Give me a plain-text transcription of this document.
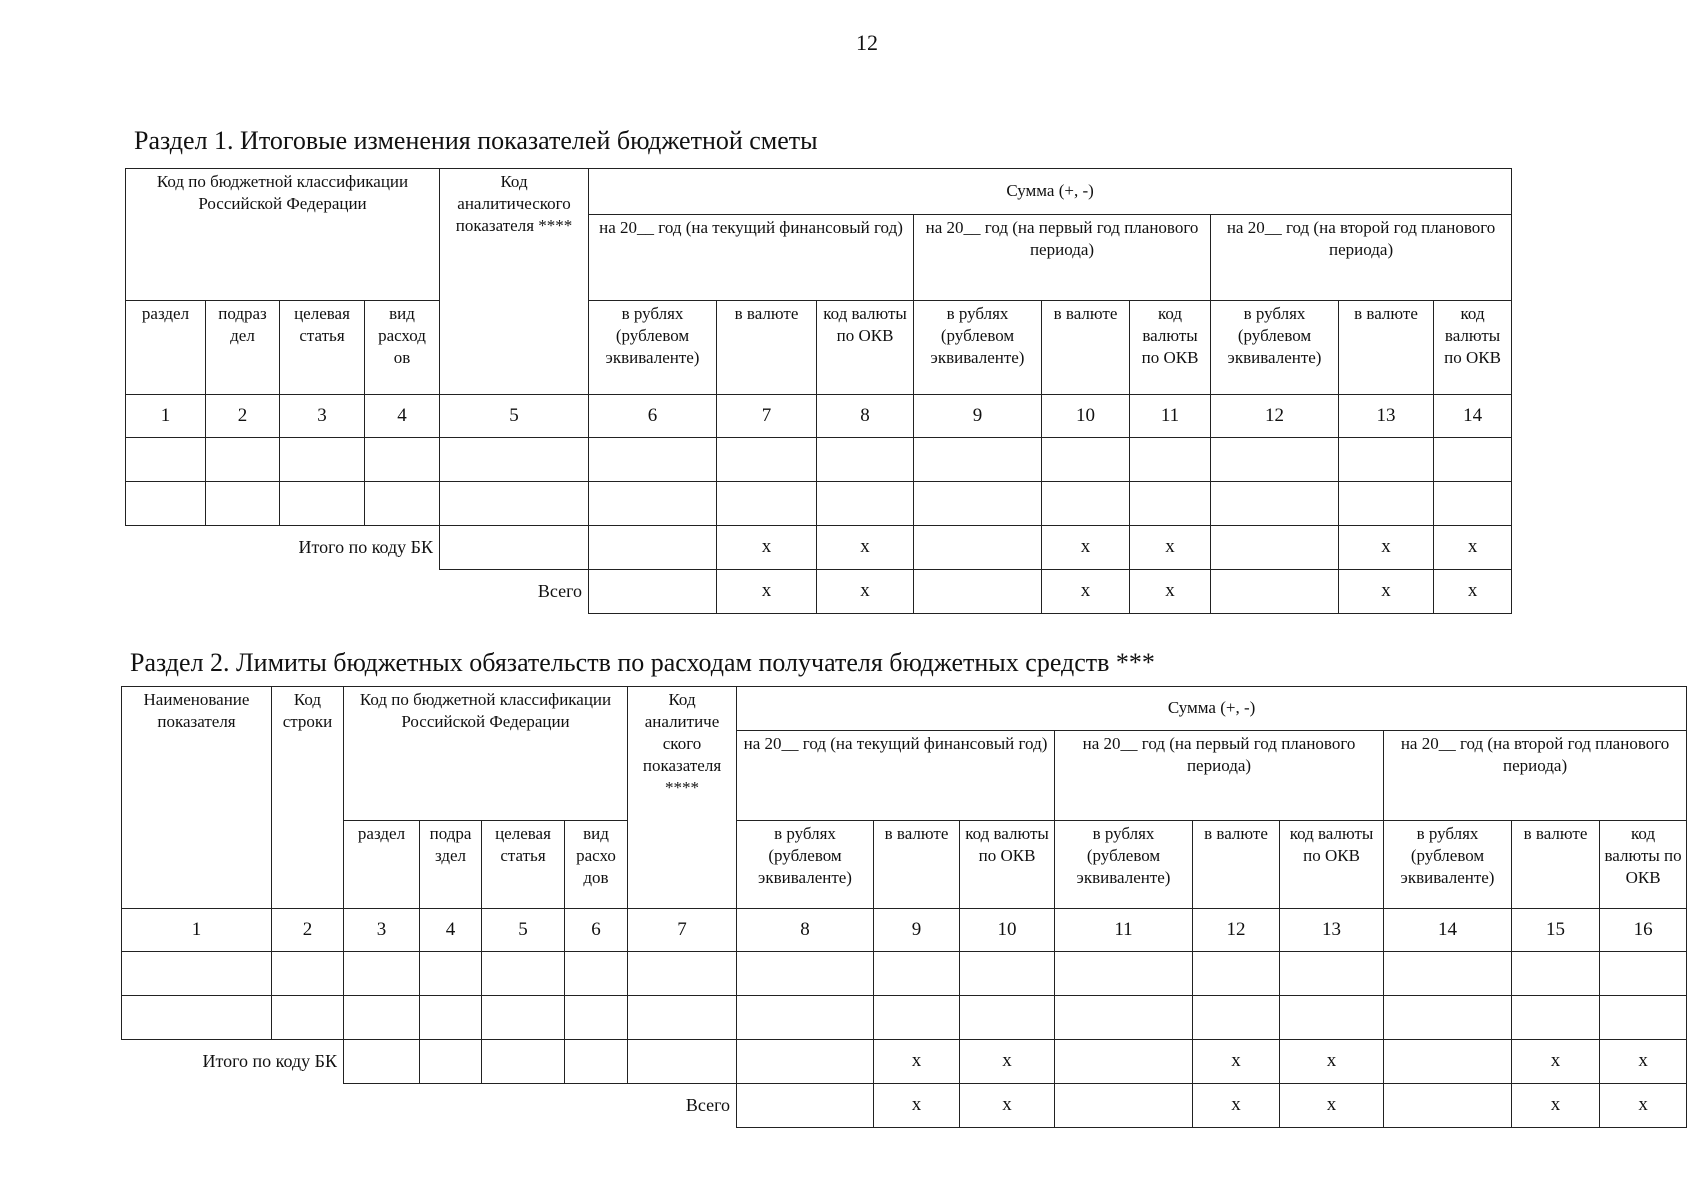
12
Раздел 1. Итоговые изменения показателей бюджетной сметы
Код по бюджетной классификации Российской Федерации				Код аналитического показателя ****	Сумма (+, -)								
					на 20__ год (на текущий финансовый год)			на 20__ год (на первый год планового периода)			на 20__ год (на второй год планового периода)		
раздел	подраз дел	целевая статья	вид расход ов		в рублях (рублевом эквиваленте)	в валюте	код валюты по ОКВ	в рублях (рублевом эквиваленте)	в валюте	код валюты по ОКВ	в рублях (рублевом эквиваленте)	в валюте	код валюты по ОКВ
1	2	3	4	5	6	7	8	9	10	11	12	13	14

Итого по коду БК						x	x		x	x		x	x
Всего						x	x		x	x		x	x
Раздел 2. Лимиты бюджетных обязательств по расходам получателя бюджетных средств ***
Наименование показателя	Код строки	Код по бюджетной классификации Российской Федерации				Код аналитиче ского показателя ****	Сумма (+, -)								
							на 20__ год (на текущий финансовый год)			на 20__ год (на первый год планового периода)			на 20__ год (на второй год планового периода)		
		раздел	подра здел	целевая статья	вид расхо дов		в рублях (рублевом эквиваленте)	в валюте	код валюты по ОКВ	в рублях (рублевом эквиваленте)	в валюте	код валюты по ОКВ	в рублях (рублевом эквиваленте)	в валюте	код валюты по ОКВ
1	2	3	4	5	6	7	8	9	10	11	12	13	14	15	16

Итого по коду БК								x	x		x	x		x	x
Всего								x	x		x	x		x	x
